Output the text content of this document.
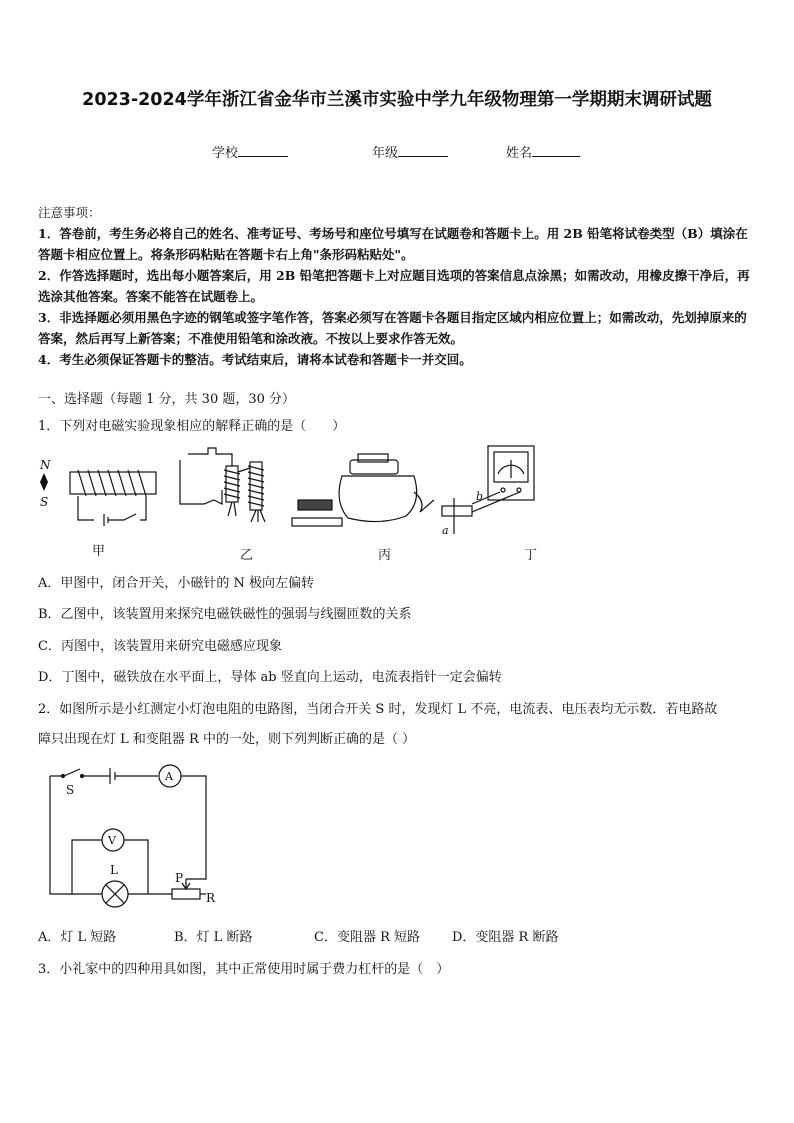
2023-2024学年浙江省金华市兰溪市实验中学九年级物理第一学期期末调研试题
学校	年级	姓名

注意事项：

1．答卷前，考生务必将自己的姓名、准考证号、考场号和座位号填写在试题卷和答题卡上。用 2B 铅笔将试卷类型（B）填涂在答题卡相应位置上。将条形码粘贴在答题卡右上角"条形码粘贴处"。

2．作答选择题时，选出每小题答案后，用 2B 铅笔把答题卡上对应题目选项的答案信息点涂黑；如需改动，用橡皮擦干净后，再选涂其他答案。答案不能答在试题卷上。

3．非选择题必须用黑色字迹的钢笔或签字笔作答，答案必须写在答题卡各题目指定区域内相应位置上；如需改动，先划掉原来的答案，然后再写上新答案；不准使用铅笔和涂改液。不按以上要求作答无效。

4．考生必须保证答题卡的整洁。考试结束后，请将本试卷和答题卡一并交回。

一、选择题（每题 1 分，共 30 题，30 分）
1．下列对电磁实验现象相应的解释正确的是（　　）
N
S	b
a
甲	乙	丙	丁
A．甲图中，闭合开关，小磁针的 N 极向左偏转
B．乙图中，该装置用来探究电磁铁磁性的强弱与线圈匝数的关系
C．丙图中，该装置用来研究电磁感应现象
D．丁图中，磁铁放在水平面上，导体 ab 竖直向上运动，电流表指针一定会偏转
2．如图所示是小红测定小灯泡电阻的电路图，当闭合开关 S 时，发现灯 L 不亮，电流表、电压表均无示数．若电路故
障只出现在灯 L 和变阻器 R 中的一处，则下列判断正确的是（ ）
S
A
V
L
P
R
A．灯 L 短路	B．灯 L 断路	C．变阻器 R 短路 D．变阻器 R 断路
3．小礼家中的四种用具如图，其中正常使用时属于费力杠杆的是（　）
